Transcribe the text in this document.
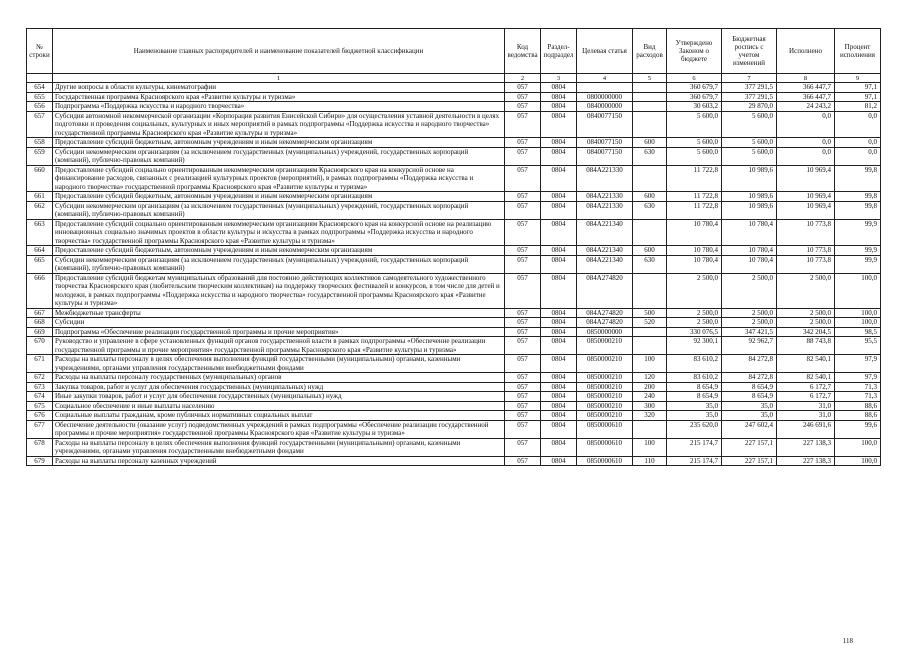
№ строки	Наименование главных распорядителей и наименование показателей бюджетной классификации	Код ведомства	Раздел-подраздел	Целевая статья	Вид расходов	Утверждено Законом о бюджете	Бюджетная роспись с учетом изменений	Исполнено	Процент исполнения
	1	2	3	4	5	6	7	8	9
654	Другие вопросы в области культуры, кинематографии	057	0804			360 679,7	377 291,5	366 447,7	97,1
655	Государственная программа Красноярского края «Развитие культуры и туризма»	057	0804	0800000000		360 679,7	377 291,5	366 447,7	97,1
656	Подпрограмма «Поддержка искусства и народного творчества»	057	0804	0840000000		30 603,2	29 870,0	24 243,2	81,2
657	Субсидия автономной некоммерческой организации «Корпорация развития Енисейской Сибири» для осуществления уставной деятельности в целях подготовки и проведения социальных, культурных и иных мероприятий в рамках подпрограммы «Поддержка искусства и народного творчества» государственной программы Красноярского края «Развитие культуры и туризма»	057	0804	0840077150		5 600,0	5 600,0	0,0	0,0
658	Предоставление субсидий бюджетным, автономным учреждениям и иным некоммерческим организациям	057	0804	0840077150	600	5 600,0	5 600,0	0,0	0,0
659	Субсидии некоммерческим организациям (за исключением государственных (муниципальных) учреждений, государственных корпораций (компаний), публично-правовых компаний)	057	0804	0840077150	630	5 600,0	5 600,0	0,0	0,0
660	Предоставление субсидий социально ориентированным некоммерческим организациям Красноярского края на конкурсной основе на финансирование расходов, связанных с реализацией культурных проектов (мероприятий), в рамках подпрограммы «Поддержка искусства и народного творчества» государственной программы Красноярского края «Развитие культуры и туризма»	057	0804	084A221330		11 722,8	10 989,6	10 969,4	99,8
661	Предоставление субсидий бюджетным, автономным учреждениям и иным некоммерческим организациям	057	0804	084A221330	600	11 722,8	10 989,6	10 969,4	99,8
662	Субсидии некоммерческим организациям (за исключением государственных (муниципальных) учреждений, государственных корпораций (компаний), публично-правовых компаний)	057	0804	084A221330	630	11 722,8	10 989,6	10 969,4	99,8
663	Предоставление субсидий социально ориентированным некоммерческим организациям Красноярского края на конкурсной основе на реализацию инновационных социально значимых проектов в области культуры и искусства в рамках подпрограммы «Поддержка искусства и народного творчества» государственной программы Красноярского края «Развитие культуры и туризма»	057	0804	084A221340		10 780,4	10 780,4	10 773,8	99,9
664	Предоставление субсидий бюджетным, автономным учреждениям и иным некоммерческим организациям	057	0804	084A221340	600	10 780,4	10 780,4	10 773,8	99,9
665	Субсидии некоммерческим организациям (за исключением государственных (муниципальных) учреждений, государственных корпораций (компаний), публично-правовых компаний)	057	0804	084A221340	630	10 780,4	10 780,4	10 773,8	99,9
666	Предоставление субсидий бюджетам муниципальных образований для постоянно действующих коллективов самодеятельного художественного творчества Красноярского края (любительским творческим коллективам) на поддержку творческих фестивалей и конкурсов, в том числе для детей и молодежи, в рамках подпрограммы «Поддержка искусства и народного творчества» государственной программы Красноярского края «Развитие культуры и туризма»	057	0804	084A274820		2 500,0	2 500,0	2 500,0	100,0
667	Межбюджетные трансферты	057	0804	084A274820	500	2 500,0	2 500,0	2 500,0	100,0
668	Субсидии	057	0804	084A274820	520	2 500,0	2 500,0	2 500,0	100,0
669	Подпрограмма «Обеспечение реализации государственной программы и прочие мероприятия»	057	0804	0850000000		330 076,5	347 421,5	342 204,5	98,5
670	Руководство и управление в сфере установленных функций органов государственной власти в рамках подпрограммы «Обеспечение реализации государственной программы и прочие мероприятия» государственной программы Красноярского края «Развитие культуры и туризма»	057	0804	0850000210		92 300,1	92 962,7	88 743,8	95,5
671	Расходы на выплаты персоналу в целях обеспечения выполнения функций государственными (муниципальными) органами, казенными учреждениями, органами управления государственными внебюджетными фондами	057	0804	0850000210	100	83 610,2	84 272,8	82 540,1	97,9
672	Расходы на выплаты персоналу государственных (муниципальных) органов	057	0804	0850000210	120	83 610,2	84 272,8	82 540,1	97,9
673	Закупка товаров, работ и услуг для обеспечения государственных (муниципальных) нужд	057	0804	0850000210	200	8 654,9	8 654,9	6 172,7	71,3
674	Иные закупки товаров, работ и услуг для обеспечения государственных (муниципальных) нужд	057	0804	0850000210	240	8 654,9	8 654,9	6 172,7	71,3
675	Социальное обеспечение и иные выплаты населению	057	0804	0850000210	300	35,0	35,0	31,0	88,6
676	Социальные выплаты гражданам, кроме публичных нормативных социальных выплат	057	0804	0850000210	320	35,0	35,0	31,0	88,6
677	Обеспечение деятельности (оказание услуг) подведомственных учреждений в рамках подпрограммы «Обеспечение реализации государственной программы и прочие мероприятия» государственной программы Красноярского края «Развитие культуры и туризма»	057	0804	0850000610		235 620,0	247 602,4	246 691,6	99,6
678	Расходы на выплаты персоналу в целях обеспечения выполнения функций государственными (муниципальными) органами, казенными учреждениями, органами управления государственными внебюджетными фондами	057	0804	0850000610	100	215 174,7	227 157,1	227 138,3	100,0
679	Расходы на выплаты персоналу казенных учреждений	057	0804	0850000610	110	215 174,7	227 157,1	227 138,3	100,0
118
